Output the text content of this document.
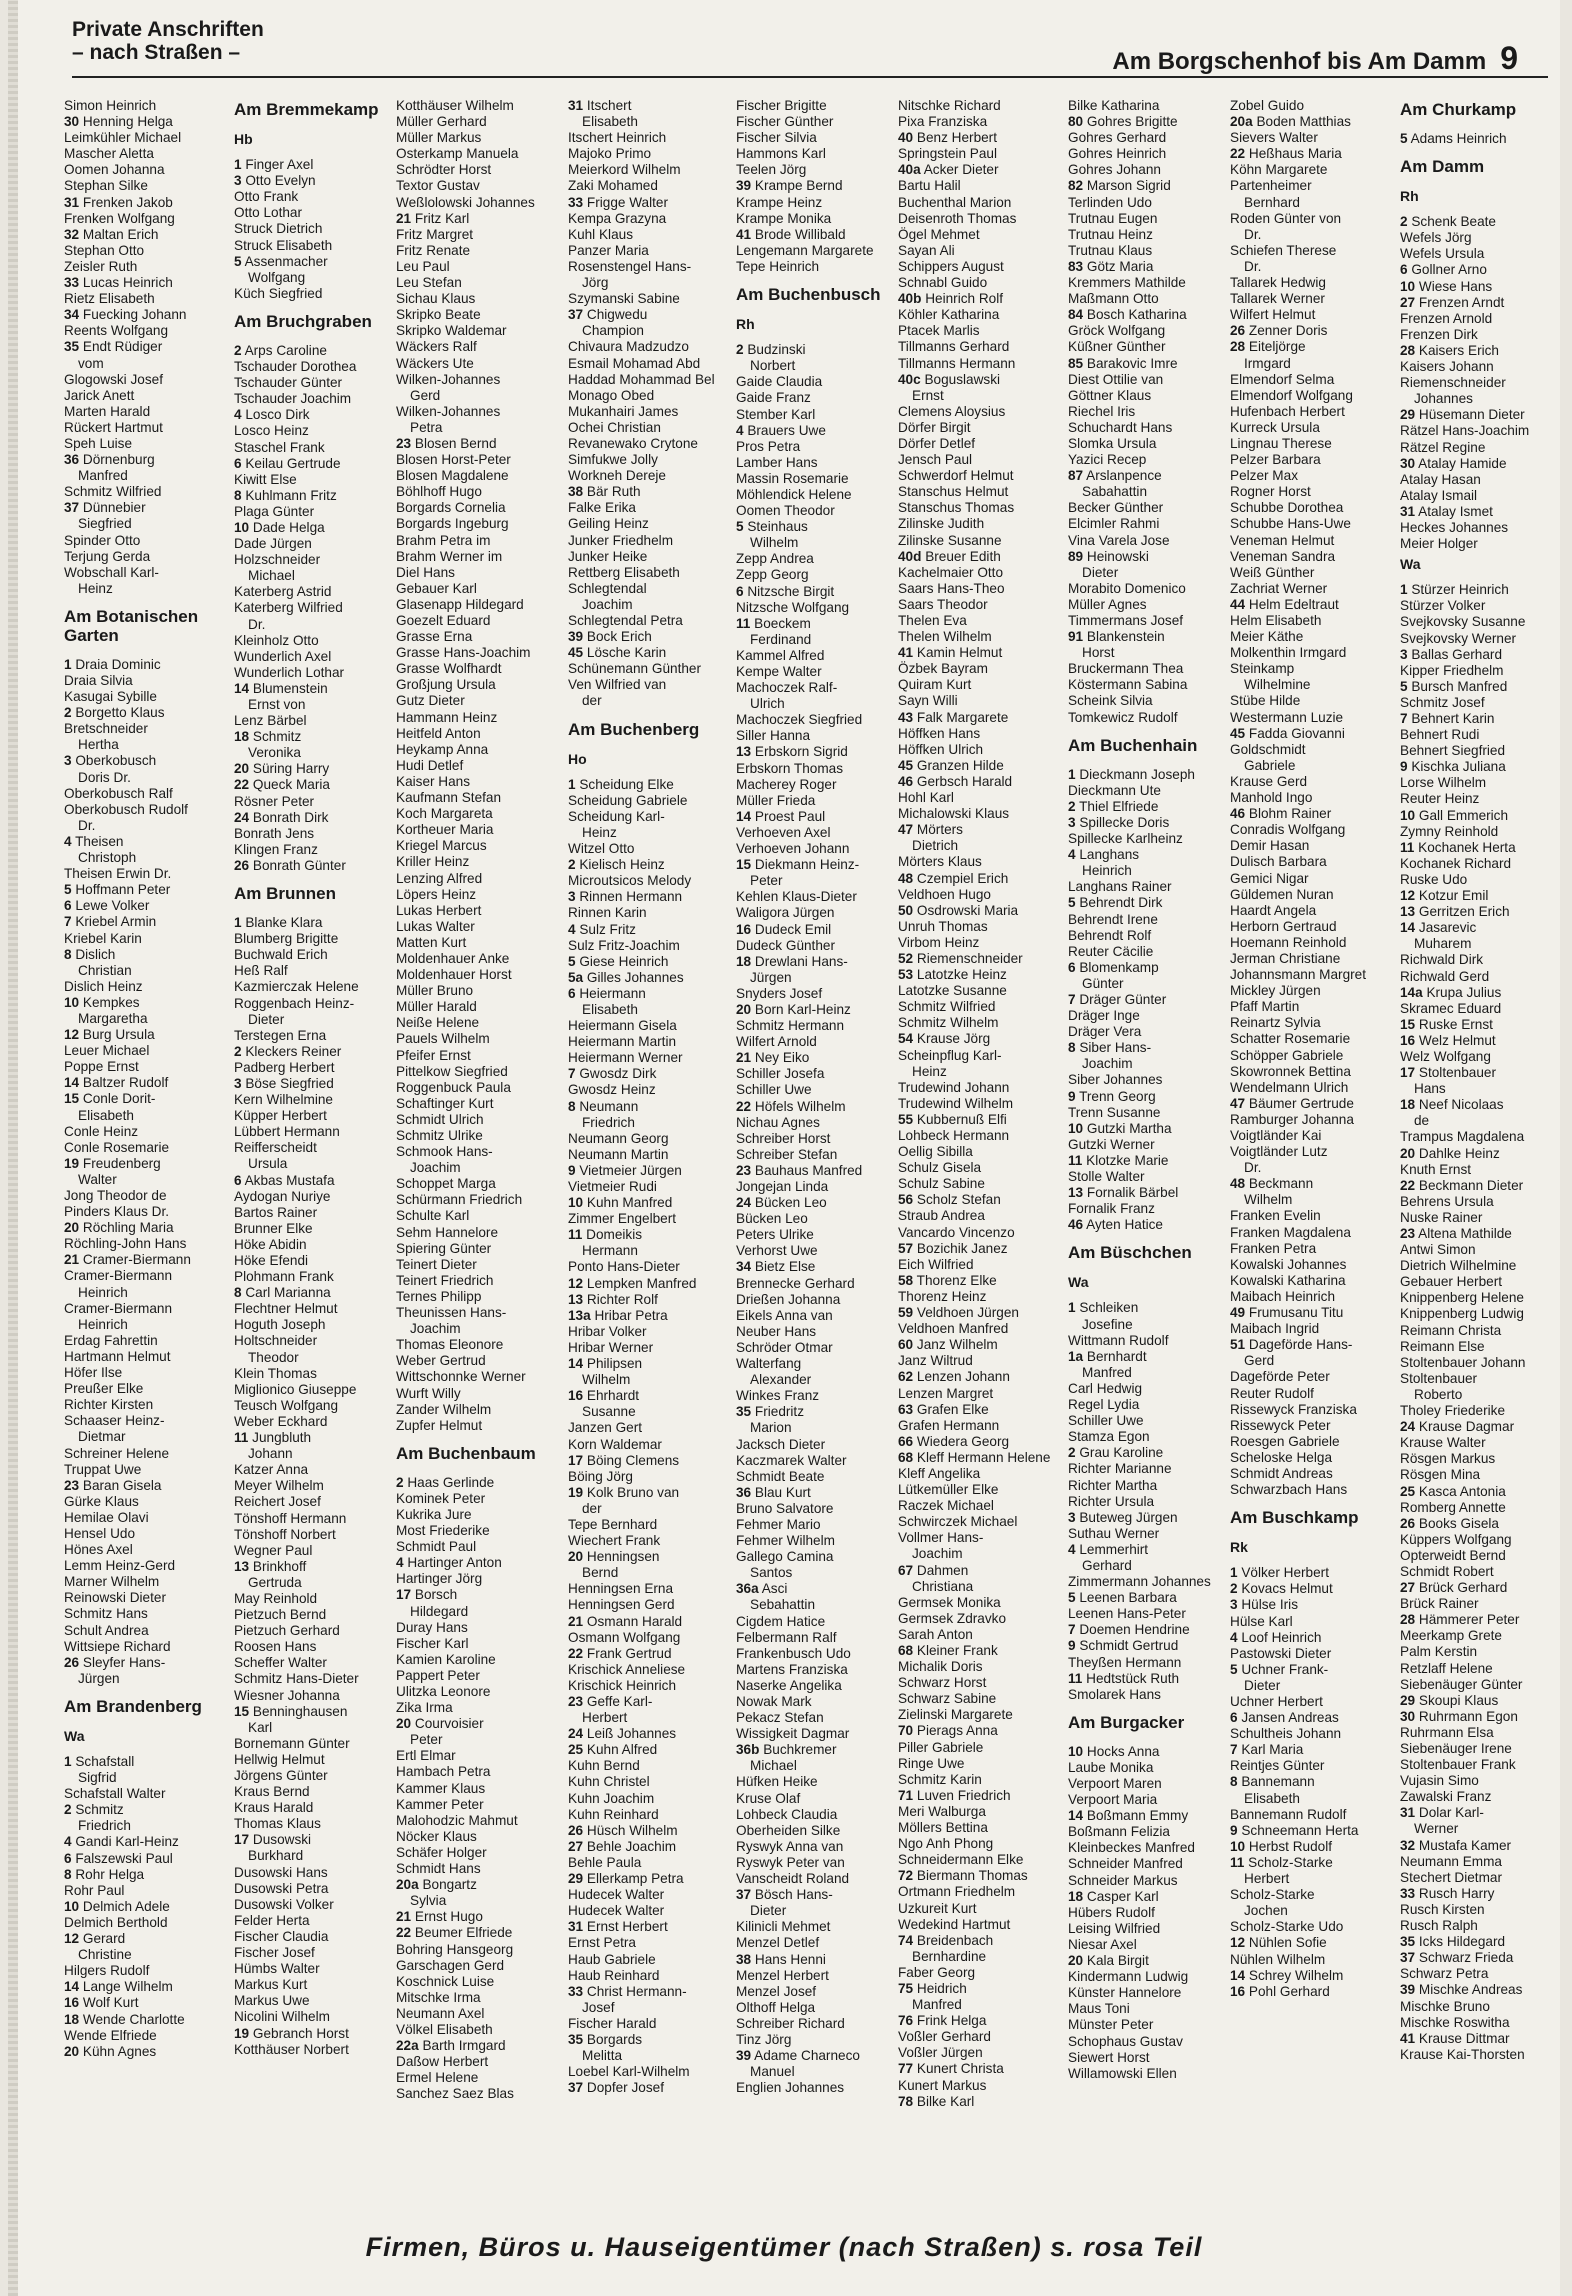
Private Anschriften
– nach Straßen –	Am Borgschenhof bis Am Damm 9
Simon Heinrich
30 Henning Helga
Leimkühler Michael
Mascher Aletta
Oomen Johanna
Stephan Silke
31 Frenken Jakob
Frenken Wolfgang
32 Maltan Erich
Stephan Otto
Zeisler Ruth
33 Lucas Heinrich
Rietz Elisabeth
34 Fuecking Johann
Reents Wolfgang
35 Endt Rüdiger
vom
Glogowski Josef
Jarick Anett
Marten Harald
Rückert Hartmut
Speh Luise
36 Dörnenburg
Manfred
Schmitz Wilfried
37 Dünnebier
Siegfried
Spinder Otto
Terjung Gerda
Wobschall Karl-
Heinz
Am Botanischen Garten
1 Draia Dominic
Draia Silvia
Kasugai Sybille
2 Borgetto Klaus
Bretschneider
Hertha
3 Oberkobusch
Doris Dr.
Oberkobusch Ralf
Oberkobusch Rudolf
Dr.
4 Theisen
Christoph
Theisen Erwin Dr.
5 Hoffmann Peter
6 Lewe Volker
7 Kriebel Armin
Kriebel Karin
8 Dislich
Christian
Dislich Heinz
10 Kempkes
Margaretha
12 Burg Ursula
Leuer Michael
Poppe Ernst
14 Baltzer Rudolf
15 Conle Dorit-
Elisabeth
Conle Heinz
Conle Rosemarie
19 Freudenberg
Walter
Jong Theodor de
Pinders Klaus Dr.
20 Röchling Maria
Röchling-John Hans
21 Cramer-Biermann
Cramer-Biermann
Heinrich
Cramer-Biermann
Heinrich
Erdag Fahrettin
Hartmann Helmut
Höfer Ilse
Preußer Elke
Richter Kirsten
Schaaser Heinz-
Dietmar
Schreiner Helene
Truppat Uwe
23 Baran Gisela
Gürke Klaus
Hemilae Olavi
Hensel Udo
Hönes Axel
Lemm Heinz-Gerd
Marner Wilhelm
Reinowski Dieter
Schmitz Hans
Schult Andrea
Wittsiepe Richard
26 Sleyfer Hans-
Jürgen
Am Brandenberg
Wa
1 Schafstall
Sigfrid
Schafstall Walter
2 Schmitz
Friedrich
4 Gandi Karl-Heinz
6 Falszewski Paul
8 Rohr Helga
Rohr Paul
10 Delmich Adele
Delmich Berthold
12 Gerard
Christine
Hilgers Rudolf
14 Lange Wilhelm
16 Wolf Kurt
18 Wende Charlotte
Wende Elfriede
20 Kühn Agnes
Am Bremmekamp
Hb
1 Finger Axel
3 Otto Evelyn
Otto Frank
Otto Lothar
Struck Dietrich
Struck Elisabeth
5 Assenmacher
Wolfgang
Küch Siegfried
Am Bruchgraben
2 Arps Caroline
Tschauder Dorothea
Tschauder Günter
Tschauder Joachim
4 Losco Dirk
Losco Heinz
Staschel Frank
6 Keilau Gertrude
Kiwitt Else
8 Kuhlmann Fritz
Plaga Günter
10 Dade Helga
Dade Jürgen
Holzschneider
Michael
Katerberg Astrid
Katerberg Wilfried
Dr.
Kleinholz Otto
Wunderlich Axel
Wunderlich Lothar
14 Blumenstein
Ernst von
Lenz Bärbel
18 Schmitz
Veronika
20 Süring Harry
22 Queck Maria
Rösner Peter
24 Bonrath Dirk
Bonrath Jens
Klingen Franz
26 Bonrath Günter
Am Brunnen
1 Blanke Klara
Blumberg Brigitte
Buchwald Erich
Heß Ralf
Kazmierczak Helene
Roggenbach Heinz-
Dieter
Terstegen Erna
2 Kleckers Reiner
Padberg Herbert
3 Böse Siegfried
Kern Wilhelmine
Küpper Herbert
Lübbert Hermann
Reifferscheidt
Ursula
6 Akbas Mustafa
Aydogan Nuriye
Bartos Rainer
Brunner Elke
Höke Abidin
Höke Efendi
Plohmann Frank
8 Carl Marianna
Flechtner Helmut
Hoguth Joseph
Holtschneider
Theodor
Klein Thomas
Miglionico Giuseppe
Teusch Wolfgang
Weber Eckhard
11 Jungbluth
Johann
Katzer Anna
Meyer Wilhelm
Reichert Josef
Tönshoff Hermann
Tönshoff Norbert
Wegner Paul
13 Brinkhoff
Gertruda
May Reinhold
Pietzuch Bernd
Pietzuch Gerhard
Roosen Hans
Scheffer Walter
Schmitz Hans-Dieter
Wiesner Johanna
15 Benninghausen
Karl
Bornemann Günter
Hellwig Helmut
Jörgens Günter
Kraus Bernd
Kraus Harald
Thomas Klaus
17 Dusowski
Burkhard
Dusowski Hans
Dusowski Petra
Dusowski Volker
Felder Herta
Fischer Claudia
Fischer Josef
Hümbs Walter
Markus Kurt
Markus Uwe
Nicolini Wilhelm
19 Gebranch Horst
Kotthäuser Norbert
Kotthäuser Wilhelm
Müller Gerhard
Müller Markus
Osterkamp Manuela
Schrödter Horst
Textor Gustav
Weßlolowski Johannes
21 Fritz Karl
Fritz Margret
Fritz Renate
Leu Paul
Leu Stefan
Sichau Klaus
Skripko Beate
Skripko Waldemar
Wäckers Ralf
Wäckers Ute
Wilken-Johannes
Gerd
Wilken-Johannes
Petra
23 Blosen Bernd
Blosen Horst-Peter
Blosen Magdalene
Böhlhoff Hugo
Borgards Cornelia
Borgards Ingeburg
Brahm Petra im
Brahm Werner im
Diel Hans
Gebauer Karl
Glasenapp Hildegard
Goezelt Eduard
Grasse Erna
Grasse Hans-Joachim
Grasse Wolfhardt
Großjung Ursula
Gutz Dieter
Hammann Heinz
Heitfeld Anton
Heykamp Anna
Hudi Detlef
Kaiser Hans
Kaufmann Stefan
Koch Margareta
Kortheuer Maria
Kriegel Marcus
Kriller Heinz
Lenzing Alfred
Löpers Heinz
Lukas Herbert
Lukas Walter
Matten Kurt
Moldenhauer Anke
Moldenhauer Horst
Müller Bruno
Müller Harald
Neiße Helene
Pauels Wilhelm
Pfeifer Ernst
Pittelkow Siegfried
Roggenbuck Paula
Schaftinger Kurt
Schmidt Ulrich
Schmitz Ulrike
Schmook Hans-
Joachim
Schoppet Marga
Schürmann Friedrich
Schulte Karl
Sehm Hannelore
Spiering Günter
Teinert Dieter
Teinert Friedrich
Ternes Philipp
Theunissen Hans-
Joachim
Thomas Eleonore
Weber Gertrud
Wittschonnke Werner
Wurft Willy
Zander Wilhelm
Zupfer Helmut
Am Buchenbaum
2 Haas Gerlinde
Kominek Peter
Kukrika Jure
Most Friederike
Schmidt Paul
4 Hartinger Anton
Hartinger Jörg
17 Borsch
Hildegard
Duray Hans
Fischer Karl
Kamien Karoline
Pappert Peter
Ulitzka Leonore
Zika Irma
20 Courvoisier
Peter
Ertl Elmar
Hambach Petra
Kammer Klaus
Kammer Peter
Malohodzic Mahmut
Nöcker Klaus
Schäfer Holger
Schmidt Hans
20a Bongartz
Sylvia
21 Ernst Hugo
22 Beumer Elfriede
Bohring Hansgeorg
Garschagen Gerd
Koschnick Luise
Mitschke Irma
Neumann Axel
Völkel Elisabeth
22a Barth Irmgard
Daßow Herbert
Ermel Helene
Sanchez Saez Blas
31 Itschert
Elisabeth
Itschert Heinrich
Majoko Primo
Meierkord Wilhelm
Zaki Mohamed
33 Frigge Walter
Kempa Grazyna
Kuhl Klaus
Panzer Maria
Rosenstengel Hans-
Jörg
Szymanski Sabine
37 Chigwedu
Champion
Chivaura Madzudzo
Esmail Mohamad Abd
Haddad Mohammad Bel
Monago Obed
Mukanhairi James
Ochei Christian
Revanewako Crytone
Simfukwe Jolly
Workneh Dereje
38 Bär Ruth
Falke Erika
Geiling Heinz
Junker Friedhelm
Junker Heike
Rettberg Elisabeth
Schlegtendal
Joachim
Schlegtendal Petra
39 Bock Erich
45 Lösche Karin
Schünemann Günther
Ven Wilfried van
der
Am Buchenberg
Ho
1 Scheidung Elke
Scheidung Gabriele
Scheidung Karl-
Heinz
Witzel Otto
2 Kielisch Heinz
Microutsicos Melody
3 Rinnen Hermann
Rinnen Karin
4 Sulz Fritz
Sulz Fritz-Joachim
5 Giese Heinrich
5a Gilles Johannes
6 Heiermann
Elisabeth
Heiermann Gisela
Heiermann Martin
Heiermann Werner
7 Gwosdz Dirk
Gwosdz Heinz
8 Neumann
Friedrich
Neumann Georg
Neumann Martin
9 Vietmeier Jürgen
Vietmeier Rudi
10 Kuhn Manfred
Zimmer Engelbert
11 Domeikis
Hermann
Ponto Hans-Dieter
12 Lempken Manfred
13 Richter Rolf
13a Hribar Petra
Hribar Volker
Hribar Werner
14 Philipsen
Wilhelm
16 Ehrhardt
Susanne
Janzen Gert
Korn Waldemar
17 Böing Clemens
Böing Jörg
19 Kolk Bruno van
der
Tepe Bernhard
Wiechert Frank
20 Henningsen
Bernd
Henningsen Erna
Henningsen Gerd
21 Osmann Harald
Osmann Wolfgang
22 Frank Gertrud
Krischick Anneliese
Krischick Heinrich
23 Geffe Karl-
Herbert
24 Leiß Johannes
25 Kuhn Alfred
Kuhn Bernd
Kuhn Christel
Kuhn Joachim
Kuhn Reinhard
26 Hüsch Wilhelm
27 Behle Joachim
Behle Paula
29 Ellerkamp Petra
Hudecek Walter
Hudecek Walter
31 Ernst Herbert
Ernst Petra
Haub Gabriele
Haub Reinhard
33 Christ Hermann-
Josef
Fischer Harald
35 Borgards
Melitta
Loebel Karl-Wilhelm
37 Dopfer Josef
Fischer Brigitte
Fischer Günther
Fischer Silvia
Hammons Karl
Teelen Jörg
39 Krampe Bernd
Krampe Heinz
Krampe Monika
41 Brode Willibald
Lengemann Margarete
Tepe Heinrich
Am Buchenbusch
Rh
2 Budzinski
Norbert
Gaide Claudia
Gaide Franz
Stember Karl
4 Brauers Uwe
Pros Petra
Lamber Hans
Massin Rosemarie
Möhlendick Helene
Oomen Theodor
5 Steinhaus
Wilhelm
Zepp Andrea
Zepp Georg
6 Nitzsche Birgit
Nitzsche Wolfgang
11 Boeckem
Ferdinand
Kammel Alfred
Kempe Walter
Machoczek Ralf-
Ulrich
Machoczek Siegfried
Siller Hanna
13 Erbskorn Sigrid
Erbskorn Thomas
Macherey Roger
Müller Frieda
14 Proest Paul
Verhoeven Axel
Verhoeven Johann
15 Diekmann Heinz-
Peter
Kehlen Klaus-Dieter
Waligora Jürgen
16 Dudeck Emil
Dudeck Günther
18 Drewlani Hans-
Jürgen
Snyders Josef
20 Born Karl-Heinz
Schmitz Hermann
Wilfert Arnold
21 Ney Eiko
Schiller Josefa
Schiller Uwe
22 Höfels Wilhelm
Nichau Agnes
Schreiber Horst
Schreiber Stefan
23 Bauhaus Manfred
Jongejan Linda
24 Bücken Leo
Bücken Leo
Peters Ulrike
Verhorst Uwe
34 Bietz Else
Brennecke Gerhard
Drießen Johanna
Eikels Anna van
Neuber Hans
Schröder Otmar
Walterfang
Alexander
Winkes Franz
35 Friedritz
Marion
Jacksch Dieter
Kaczmarek Walter
Schmidt Beate
36 Blau Kurt
Bruno Salvatore
Fehmer Mario
Fehmer Wilhelm
Gallego Camina
Santos
36a Asci
Sebahattin
Cigdem Hatice
Felbermann Ralf
Frankenbusch Udo
Martens Franziska
Naserke Angelika
Nowak Mark
Pekacz Stefan
Wissigkeit Dagmar
36b Buchkremer
Michael
Hüfken Heike
Kruse Olaf
Lohbeck Claudia
Oberheiden Silke
Ryswyk Anna van
Ryswyk Peter van
Vanscheidt Roland
37 Bösch Hans-
Dieter
Kilinicli Mehmet
Menzel Detlef
38 Hans Henni
Menzel Herbert
Menzel Josef
Olthoff Helga
Schreiber Richard
Tinz Jörg
39 Adame Charneco
Manuel
Englien Johannes
Nitschke Richard
Pixa Franziska
40 Benz Herbert
Springstein Paul
40a Acker Dieter
Bartu Halil
Buchenthal Marion
Deisenroth Thomas
Ögel Mehmet
Sayan Ali
Schippers August
Schnabl Guido
40b Heinrich Rolf
Köhler Katharina
Ptacek Marlis
Tillmanns Gerhard
Tillmanns Hermann
40c Boguslawski
Ernst
Clemens Aloysius
Dörfer Birgit
Dörfer Detlef
Jensch Paul
Schwerdorf Helmut
Stanschus Helmut
Stanschus Thomas
Zilinske Judith
Zilinske Susanne
40d Breuer Edith
Kachelmaier Otto
Saars Hans-Theo
Saars Theodor
Thelen Eva
Thelen Wilhelm
41 Kamin Helmut
Özbek Bayram
Quiram Kurt
Sayn Willi
43 Falk Margarete
Höffken Hans
Höffken Ulrich
45 Granzen Hilde
46 Gerbsch Harald
Hohl Karl
Michalowski Klaus
47 Mörters
Dietrich
Mörters Klaus
48 Czempiel Erich
Veldhoen Hugo
50 Osdrowski Maria
Unruh Thomas
Virbom Heinz
52 Riemenschneider
53 Latotzke Heinz
Latotzke Susanne
Schmitz Wilfried
Schmitz Wilhelm
54 Krause Jörg
Scheinpflug Karl-
Heinz
Trudewind Johann
Trudewind Wilhelm
55 Kubbernuß Elfi
Lohbeck Hermann
Oellig Sibilla
Schulz Gisela
Schulz Sabine
56 Scholz Stefan
Straub Andrea
Vancardo Vincenzo
57 Bozichik Janez
Eich Wilfried
58 Thorenz Elke
Thorenz Heinz
59 Veldhoen Jürgen
Veldhoen Manfred
60 Janz Wilhelm
Janz Wiltrud
62 Lenzen Johann
Lenzen Margret
63 Grafen Elke
Grafen Hermann
66 Wiedera Georg
68 Kleff Hermann Helene
Kleff Angelika
Lütkemüller Elke
Raczek Michael
Schwirczek Michael
Vollmer Hans-
Joachim
67 Dahmen
Christiana
Germsek Monika
Germsek Zdravko
Sarah Anton
68 Kleiner Frank
Michalik Doris
Schwarz Horst
Schwarz Sabine
Zielinski Margarete
70 Pierags Anna
Piller Gabriele
Ringe Uwe
Schmitz Karin
71 Luven Friedrich
Meri Walburga
Möllers Bettina
Ngo Anh Phong
Schneidermann Elke
72 Biermann Thomas
Ortmann Friedhelm
Uzkureit Kurt
Wedekind Hartmut
74 Breidenbach
Bernhardine
Faber Georg
75 Heidrich
Manfred
76 Frink Helga
Voßler Gerhard
Voßler Jürgen
77 Kunert Christa
Kunert Markus
78 Bilke Karl
Bilke Katharina
80 Gohres Brigitte
Gohres Gerhard
Gohres Heinrich
Gohres Johann
82 Marson Sigrid
Terlinden Udo
Trutnau Eugen
Trutnau Heinz
Trutnau Klaus
83 Götz Maria
Kremmers Mathilde
Maßmann Otto
84 Bosch Katharina
Gröck Wolfgang
Küßner Günther
85 Barakovic Imre
Diest Ottilie van
Göttner Klaus
Riechel Iris
Schuchardt Hans
Slomka Ursula
Yazici Recep
87 Arslanpence
Sabahattin
Becker Günther
Elcimler Rahmi
Vina Varela Jose
89 Heinowski
Dieter
Morabito Domenico
Müller Agnes
Timmermans Josef
91 Blankenstein
Horst
Bruckermann Thea
Köstermann Sabina
Scheink Silvia
Tomkewicz Rudolf
Am Buchenhain
1 Dieckmann Joseph
Dieckmann Ute
2 Thiel Elfriede
3 Spillecke Doris
Spillecke Karlheinz
4 Langhans
Heinrich
Langhans Rainer
5 Behrendt Dirk
Behrendt Irene
Behrendt Rolf
Reuter Cäcilie
6 Blomenkamp
Günter
7 Dräger Günter
Dräger Inge
Dräger Vera
8 Siber Hans-
Joachim
Siber Johannes
9 Trenn Georg
Trenn Susanne
10 Gutzki Martha
Gutzki Werner
11 Klotzke Marie
Stolle Walter
13 Fornalik Bärbel
Fornalik Franz
46 Ayten Hatice
Am Büschchen
Wa
1 Schleiken
Josefine
Wittmann Rudolf
1a Bernhardt
Manfred
Carl Hedwig
Regel Lydia
Schiller Uwe
Stamza Egon
2 Grau Karoline
Richter Marianne
Richter Martha
Richter Ursula
3 Buteweg Jürgen
Suthau Werner
4 Lemmerhirt
Gerhard
Zimmermann Johannes
5 Leenen Barbara
Leenen Hans-Peter
7 Doemen Hendrine
9 Schmidt Gertrud
Theyßen Hermann
11 Hedtstück Ruth
Smolarek Hans
Am Burgacker
10 Hocks Anna
Laube Monika
Verpoort Maren
Verpoort Maria
14 Boßmann Emmy
Boßmann Felizia
Kleinbeckes Manfred
Schneider Manfred
Schneider Markus
18 Casper Karl
Hübers Rudolf
Leising Wilfried
Niesar Axel
20 Kala Birgit
Kindermann Ludwig
Künster Hannelore
Maus Toni
Münster Peter
Schophaus Gustav
Siewert Horst
Willamowski Ellen
Zobel Guido
20a Boden Matthias
Sievers Walter
22 Heßhaus Maria
Köhn Margarete
Partenheimer
Bernhard
Roden Günter von
Dr.
Schiefen Therese
Dr.
Tallarek Hedwig
Tallarek Werner
Wilfert Helmut
26 Zenner Doris
28 Eiteljörge
Irmgard
Elmendorf Selma
Elmendorf Wolfgang
Hufenbach Herbert
Kurreck Ursula
Lingnau Therese
Pelzer Barbara
Pelzer Max
Rogner Horst
Schubbe Dorothea
Schubbe Hans-Uwe
Veneman Helmut
Veneman Sandra
Weiß Günther
Zachriat Werner
44 Helm Edeltraut
Helm Elisabeth
Meier Käthe
Molkenthin Irmgard
Steinkamp
Wilhelmine
Stübe Hilde
Westermann Luzie
45 Fadda Giovanni
Goldschmidt
Gabriele
Krause Gerd
Manhold Ingo
46 Blohm Rainer
Conradis Wolfgang
Demir Hasan
Dulisch Barbara
Gemici Nigar
Güldemen Nuran
Haardt Angela
Herborn Gertraud
Hoemann Reinhold
Jerman Christiane
Johannsmann Margret
Mickley Jürgen
Pfaff Martin
Reinartz Sylvia
Schatter Rosemarie
Schöpper Gabriele
Skowronnek Bettina
Wendelmann Ulrich
47 Bäumer Gertrude
Ramburger Johanna
Voigtländer Kai
Voigtländer Lutz
Dr.
48 Beckmann
Wilhelm
Franken Evelin
Franken Magdalena
Franken Petra
Kowalski Johannes
Kowalski Katharina
Maibach Heinrich
49 Frumusanu Titu
Maibach Ingrid
51 Dageförde Hans-
Gerd
Dageförde Peter
Reuter Rudolf
Rissewyck Franziska
Rissewyck Peter
Roesgen Gabriele
Scheloske Helga
Schmidt Andreas
Schwarzbach Hans
Am Buschkamp
Rk
1 Völker Herbert
2 Kovacs Helmut
3 Hülse Iris
Hülse Karl
4 Loof Heinrich
Pastowski Dieter
5 Uchner Frank-
Dieter
Uchner Herbert
6 Jansen Andreas
Schultheis Johann
7 Karl Maria
Reintjes Günter
8 Bannemann
Elisabeth
Bannemann Rudolf
9 Schneemann Herta
10 Herbst Rudolf
11 Scholz-Starke
Herbert
Scholz-Starke
Jochen
Scholz-Starke Udo
12 Nühlen Sofie
Nühlen Wilhelm
14 Schrey Wilhelm
16 Pohl Gerhard
Am Churkamp
5 Adams Heinrich
Am Damm
Rh
2 Schenk Beate
Wefels Jörg
Wefels Ursula
6 Gollner Arno
10 Wiese Hans
27 Frenzen Arndt
Frenzen Arnold
Frenzen Dirk
28 Kaisers Erich
Kaisers Johann
Riemenschneider
Johannes
29 Hüsemann Dieter
Rätzel Hans-Joachim
Rätzel Regine
30 Atalay Hamide
Atalay Hasan
Atalay Ismail
31 Atalay Ismet
Heckes Johannes
Meier Holger
Wa
1 Stürzer Heinrich
Stürzer Volker
Svejkovsky Susanne
Svejkovsky Werner
3 Ballas Gerhard
Kipper Friedhelm
5 Bursch Manfred
Schmitz Josef
7 Behnert Karin
Behnert Rudi
Behnert Siegfried
9 Kischka Juliana
Lorse Wilhelm
Reuter Heinz
10 Gall Emmerich
Zymny Reinhold
11 Kochanek Herta
Kochanek Richard
Ruske Udo
12 Kotzur Emil
13 Gerritzen Erich
14 Jasarevic
Muharem
Richwald Dirk
Richwald Gerd
14a Krupa Julius
Skramec Eduard
15 Ruske Ernst
16 Welz Helmut
Welz Wolfgang
17 Stoltenbauer
Hans
18 Neef Nicolaas
de
Trampus Magdalena
20 Dahlke Heinz
Knuth Ernst
22 Beckmann Dieter
Behrens Ursula
Nuske Rainer
23 Altena Mathilde
Antwi Simon
Dietrich Wilhelmine
Gebauer Herbert
Knippenberg Helene
Knippenberg Ludwig
Reimann Christa
Reimann Else
Stoltenbauer Johann
Stoltenbauer
Roberto
Tholey Friederike
24 Krause Dagmar
Krause Walter
Rösgen Markus
Rösgen Mina
25 Kasca Antonia
Romberg Annette
26 Books Gisela
Küppers Wolfgang
Opterweidt Bernd
Schmidt Robert
27 Brück Gerhard
Brück Rainer
28 Hämmerer Peter
Meerkamp Grete
Palm Kerstin
Retzlaff Helene
Siebenäuger Günter
29 Skoupi Klaus
30 Ruhrmann Egon
Ruhrmann Elsa
Siebenäuger Irene
Stoltenbauer Frank
Vujasin Simo
Zawalski Franz
31 Dolar Karl-
Werner
32 Mustafa Kamer
Neumann Emma
Stechert Dietmar
33 Rusch Harry
Rusch Kirsten
Rusch Ralph
35 Icks Hildegard
37 Schwarz Frieda
Schwarz Petra
39 Mischke Andreas
Mischke Bruno
Mischke Roswitha
41 Krause Dittmar
Krause Kai-Thorsten
Firmen, Büros u. Hauseigentümer (nach Straßen) s. rosa Teil
